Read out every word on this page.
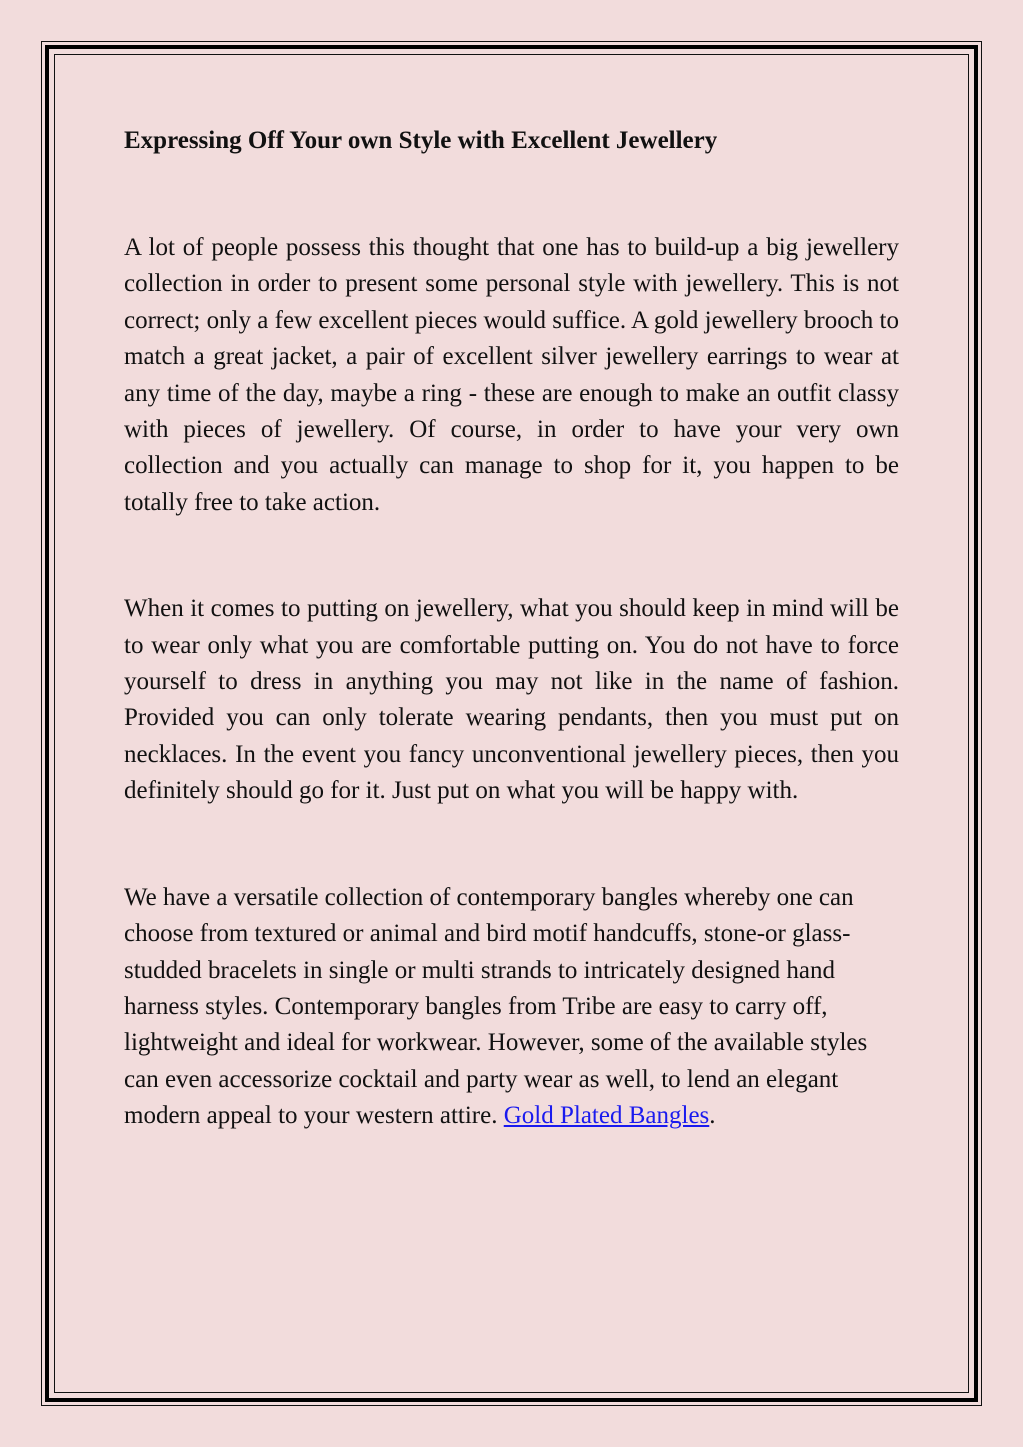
Expressing Off Your own Style with Excellent Jewellery

A lot of people possess this thought that one has to build-up a big jewellery collection in order to present some personal style with jewellery. This is not correct; only a few excellent pieces would suffice. A gold jewellery brooch to match a great jacket, a pair of excellent silver jewellery earrings to wear at any time of the day, maybe a ring - these are enough to make an outfit classy with pieces of jewellery. Of course, in order to have your very own collection and you actually can manage to shop for it, you happen to be totally free to take action.

When it comes to putting on jewellery, what you should keep in mind will be to wear only what you are comfortable putting on. You do not have to force yourself to dress in anything you may not like in the name of fashion. Provided you can only tolerate wearing pendants, then you must put on necklaces. In the event you fancy unconventional jewellery pieces, then you definitely should go for it. Just put on what you will be happy with.

We have a versatile collection of contemporary bangles whereby one can choose from textured or animal and bird motif handcuffs, stone-or glass-studded bracelets in single or multi strands to intricately designed hand harness styles. Contemporary bangles from Tribe are easy to carry off, lightweight and ideal for workwear. However, some of the available styles can even accessorize cocktail and party wear as well, to lend an elegant modern appeal to your western attire. Gold Plated Bangles.
